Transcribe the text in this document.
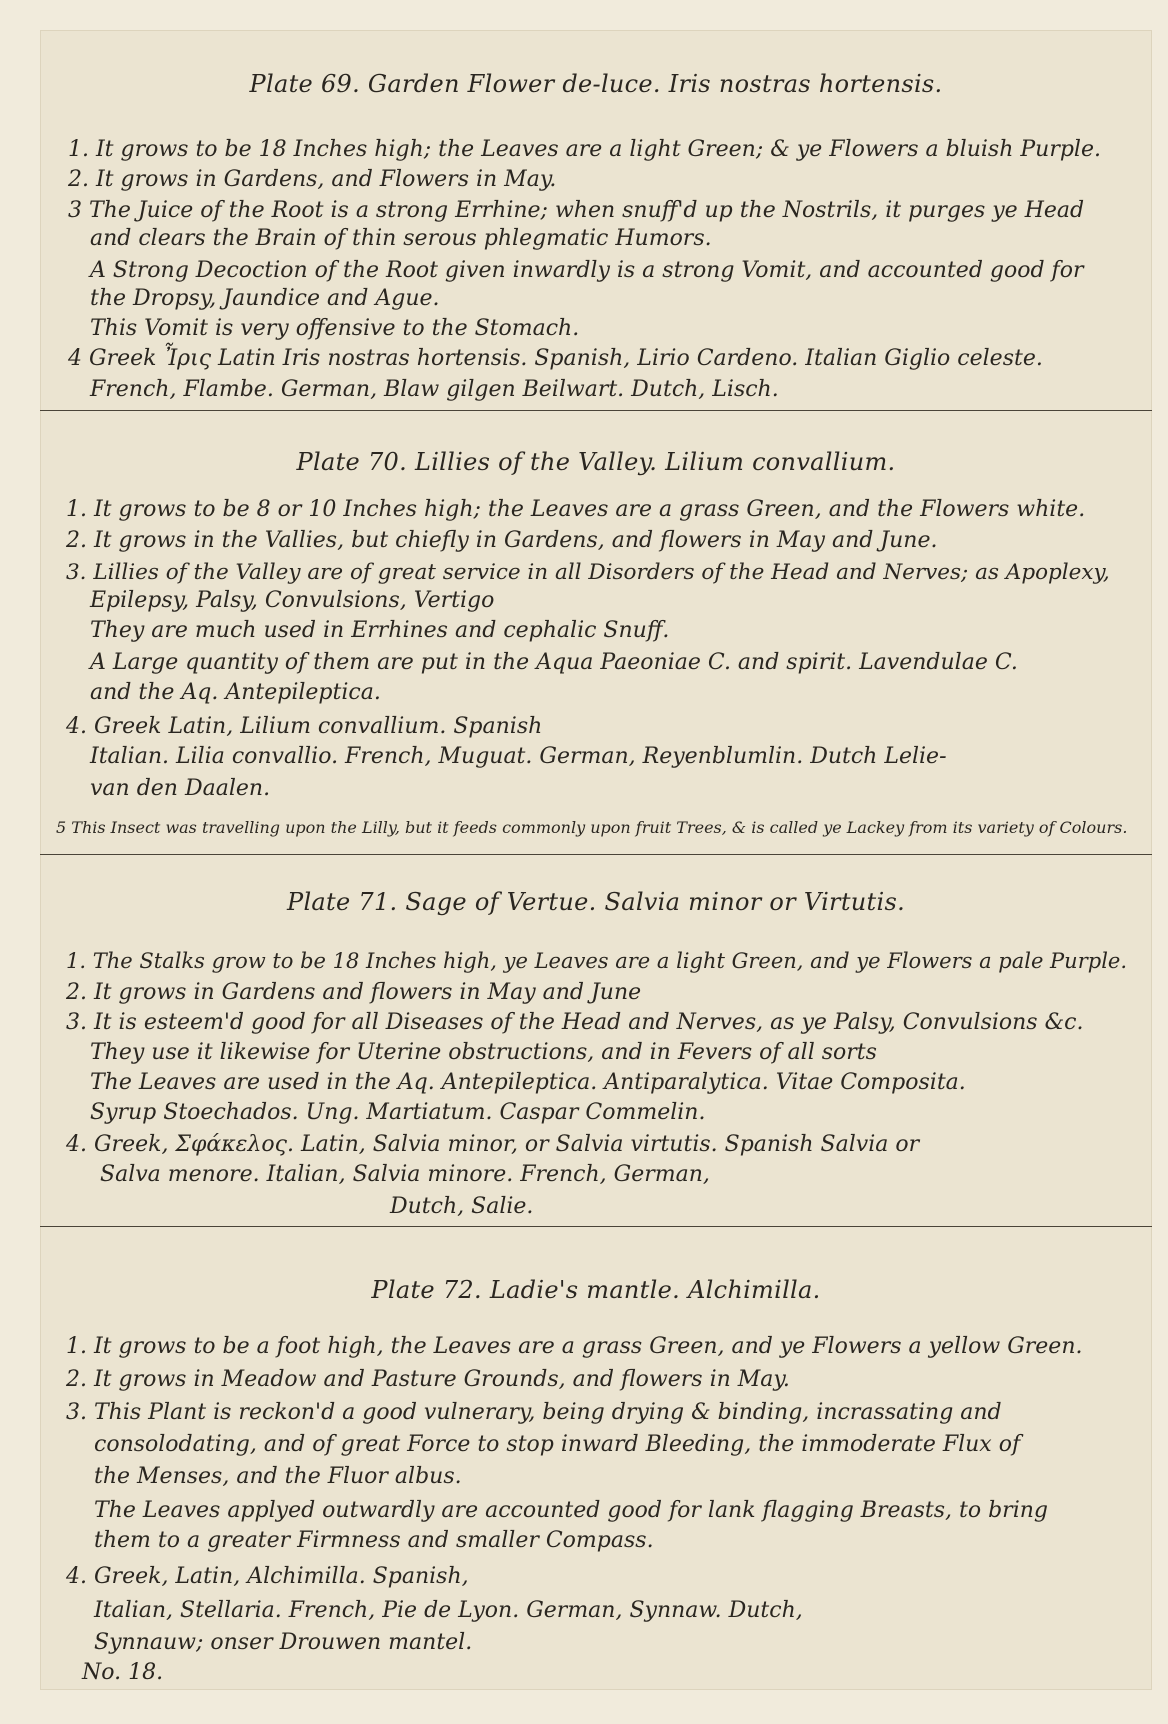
Plate 69. Garden Flower de-luce. Iris nostras hortensis.
1. It grows to be 18 Inches high; the Leaves are a light Green; & ye Flowers a bluish Purple.
2. It grows in Gardens, and Flowers in May.
3 The Juice of the Root is a strong Errhine; when snuff'd up the Nostrils, it purges ye Head
and clears the Brain of thin serous phlegmatic Humors.
A Strong Decoction of the Root given inwardly is a strong Vomit, and accounted good for
the Dropsy, Jaundice and Ague.
This Vomit is very offensive to the Stomach.
4 Greek Ἶρις Latin Iris nostras hortensis. Spanish, Lirio Cardeno. Italian Giglio celeste.
French, Flambe. German, Blaw gilgen Beilwart. Dutch, Lisch.
Plate 70. Lillies of the Valley. Lilium convallium.
1. It grows to be 8 or 10 Inches high; the Leaves are a grass Green, and the Flowers white.
2. It grows in the Vallies, but chiefly in Gardens, and flowers in May and June.
3. Lillies of the Valley are of great service in all Disorders of the Head and Nerves; as Apoplexy,
Epilepsy, Palsy, Convulsions, Vertigo
They are much used in Errhines and cephalic Snuff.
A Large quantity of them are put in the Aqua Paeoniae C. and spirit. Lavendulae C.
and the Aq. Antepileptica.
4. Greek Latin, Lilium convallium. Spanish
Italian. Lilia convallio. French, Muguat. German, Reyenblumlin. Dutch Lelie-
van den Daalen.
5 This Insect was travelling upon the Lilly, but it feeds commonly upon fruit Trees, & is called ye Lackey from its variety of Colours.
Plate 71. Sage of Vertue. Salvia minor or Virtutis.
1. The Stalks grow to be 18 Inches high, ye Leaves are a light Green, and ye Flowers a pale Purple.
2. It grows in Gardens and flowers in May and June
3. It is esteem'd good for all Diseases of the Head and Nerves, as ye Palsy, Convulsions &c.
They use it likewise for Uterine obstructions, and in Fevers of all sorts
The Leaves are used in the Aq. Antepileptica. Antiparalytica. Vitae Composita.
Syrup Stoechados. Ung. Martiatum. Caspar Commelin.
4. Greek, Σφάκελος. Latin, Salvia minor, or Salvia virtutis. Spanish Salvia or
Salva menore. Italian, Salvia minore. French, German,
Dutch, Salie.
Plate 72. Ladie's mantle. Alchimilla.
1. It grows to be a foot high, the Leaves are a grass Green, and ye Flowers a yellow Green.
2. It grows in Meadow and Pasture Grounds, and flowers in May.
3. This Plant is reckon'd a good vulnerary, being drying & binding, incrassating and
consolodating, and of great Force to stop inward Bleeding, the immoderate Flux of
the Menses, and the Fluor albus.
The Leaves applyed outwardly are accounted good for lank flagging Breasts, to bring
them to a greater Firmness and smaller Compass.
4. Greek, Latin, Alchimilla. Spanish,
Italian, Stellaria. French, Pie de Lyon. German, Synnaw. Dutch,
Synnauw; onser Drouwen mantel.
No. 18.
